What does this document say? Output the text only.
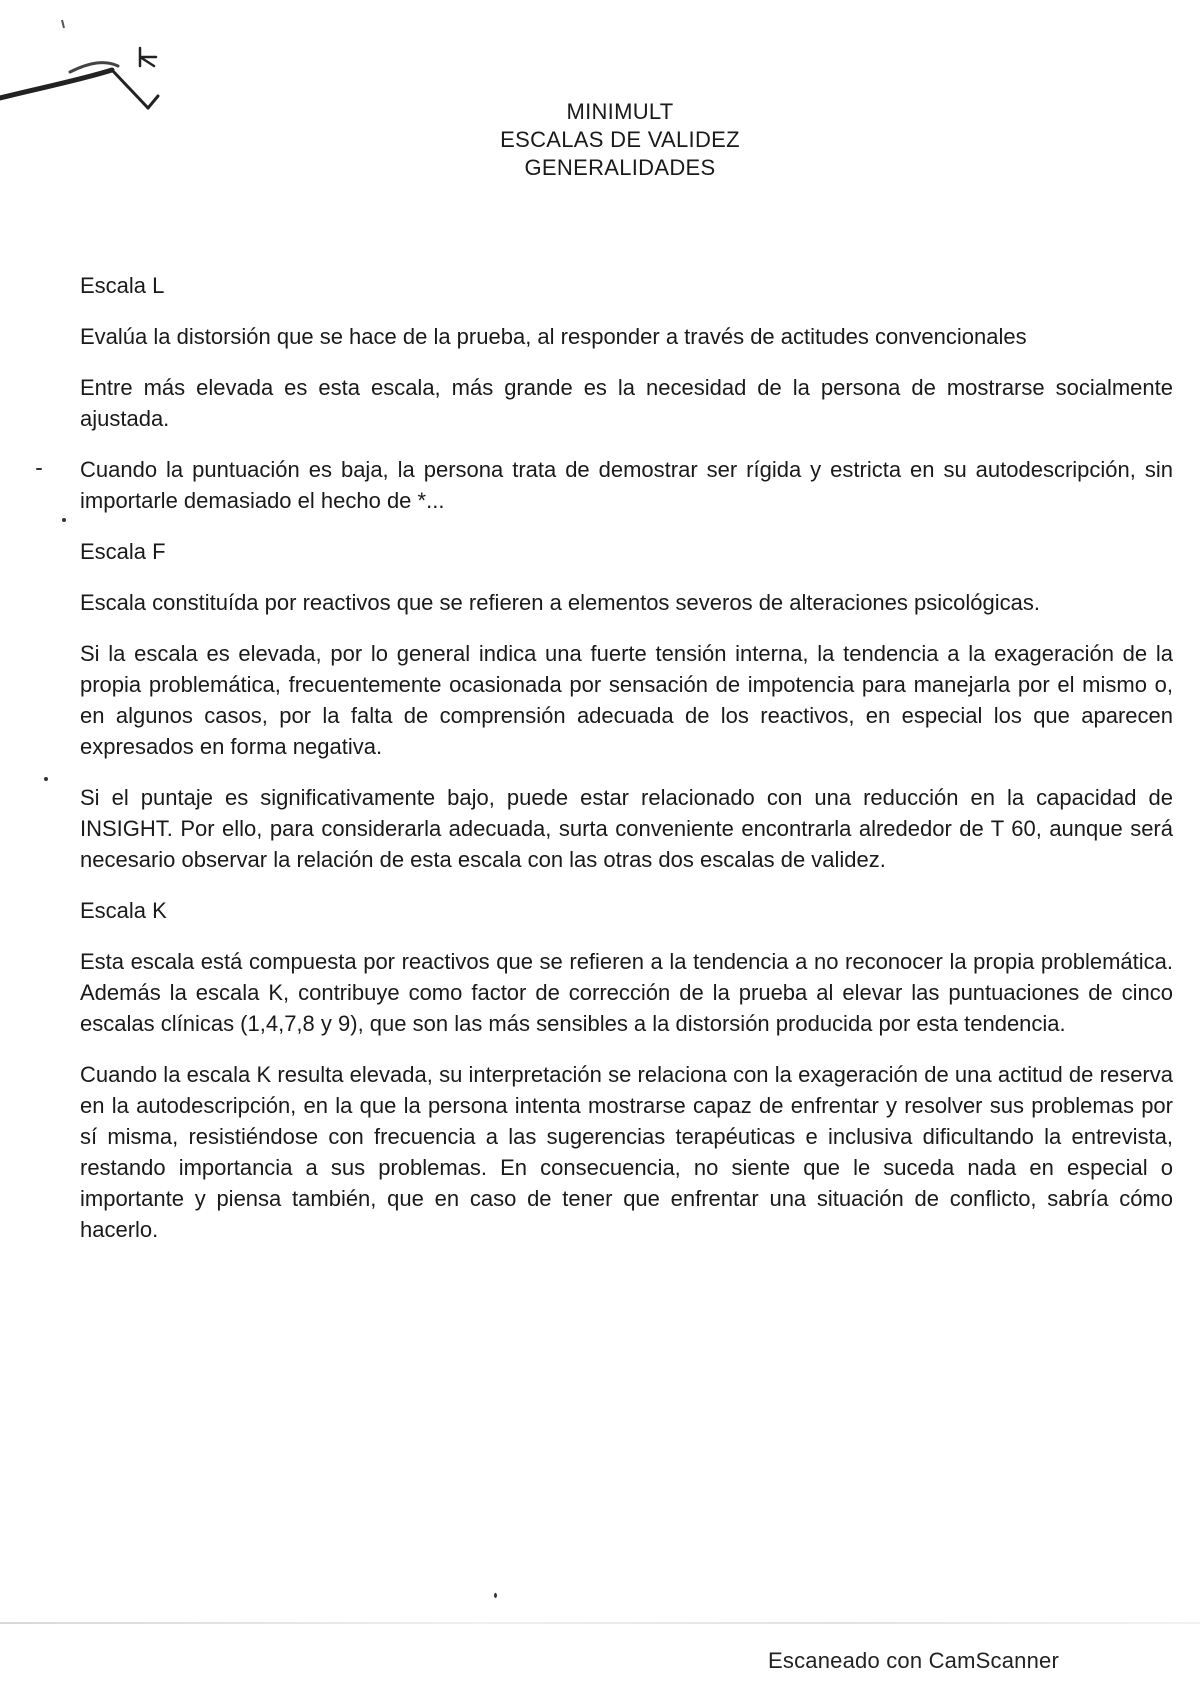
MINIMULT
ESCALAS DE VALIDEZ
GENERALIDADES
Escala L
Evalúa la distorsión que se hace de la prueba, al responder a través de actitudes convencionales
Entre más elevada es esta escala, más grande es la necesidad de la persona de mostrarse socialmente ajustada.
Cuando la puntuación es baja, la persona trata de demostrar ser rígida y estricta en su autodescripción, sin importarle demasiado el hecho de *...
Escala F
Escala constituída por reactivos que se refieren a elementos severos de alteraciones psicológicas.
Si la escala es elevada, por lo general indica una fuerte tensión interna, la tendencia a la exageración de la propia problemática, frecuentemente ocasionada por sensación de impotencia para manejarla por el mismo o, en algunos casos, por la falta de comprensión adecuada de los reactivos, en especial los que aparecen expresados en forma negativa.
Si el puntaje es significativamente bajo, puede estar relacionado con una reducción en la capacidad de INSIGHT. Por ello, para considerarla adecuada, surta conveniente encontrarla alrededor de T 60, aunque será necesario observar la relación de esta escala con las otras dos escalas de validez.
Escala K
Esta escala está compuesta por reactivos que se refieren a la tendencia a no reconocer la propia problemática. Además la escala K, contribuye como factor de corrección de la prueba al elevar las puntuaciones de cinco escalas clínicas (1,4,7,8 y 9), que son las más sensibles a la distorsión producida por esta tendencia.
Cuando la escala K resulta elevada, su interpretación se relaciona con la exageración de una actitud de reserva en la autodescripción, en la que la persona intenta mostrarse capaz de enfrentar y resolver sus problemas por sí misma, resistiéndose con frecuencia a las sugerencias terapéuticas e inclusiva dificultando la entrevista, restando importancia a sus problemas. En consecuencia, no siente que le suceda nada en especial o importante y piensa también, que en caso de tener que enfrentar una situación de conflicto, sabría cómo hacerlo.
Escaneado con CamScanner
